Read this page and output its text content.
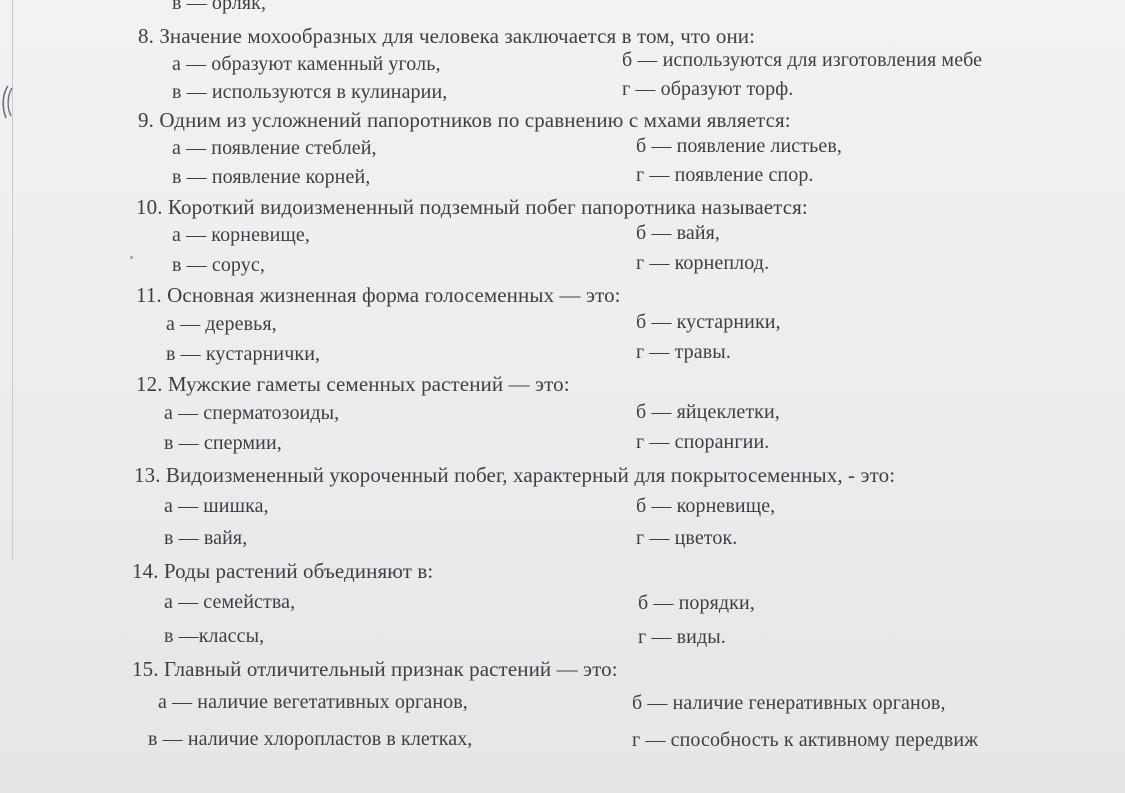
в — орляк,
8. Значение мохообразных для человека заключается в том, что они:
а — образуют каменный уголь,	б — используются для изготовления мебе
в — используются в кулинарии,	г — образуют торф.
9. Одним из усложнений папоротников по сравнению с мхами является:
а — появление стеблей,	б — появление листьев,
в — появление корней,	г — появление спор.
10. Короткий видоизмененный подземный побег папоротника называется:
а — корневище,	б — вайя,
в — сорус,	г — корнеплод.
11. Основная жизненная форма голосеменных — это:
а — деревья,	б — кустарники,
в — кустарнички,	г — травы.
12. Мужские гаметы семенных растений — это:
а — сперматозоиды,	б — яйцеклетки,
в — спермии,	г — спорангии.
13. Видоизмененный укороченный побег, характерный для покрытосеменных, - это:
а — шишка,	б — корневище,
в — вайя,	г — цветок.
14. Роды растений объединяют в:
а — семейства,	б — порядки,
в —классы,	г — виды.
15. Главный отличительный признак растений — это:
а — наличие вегетативных органов,	б — наличие генеративных органов,
в — наличие хлоропластов в клетках,	г — способность к активному передвиж
